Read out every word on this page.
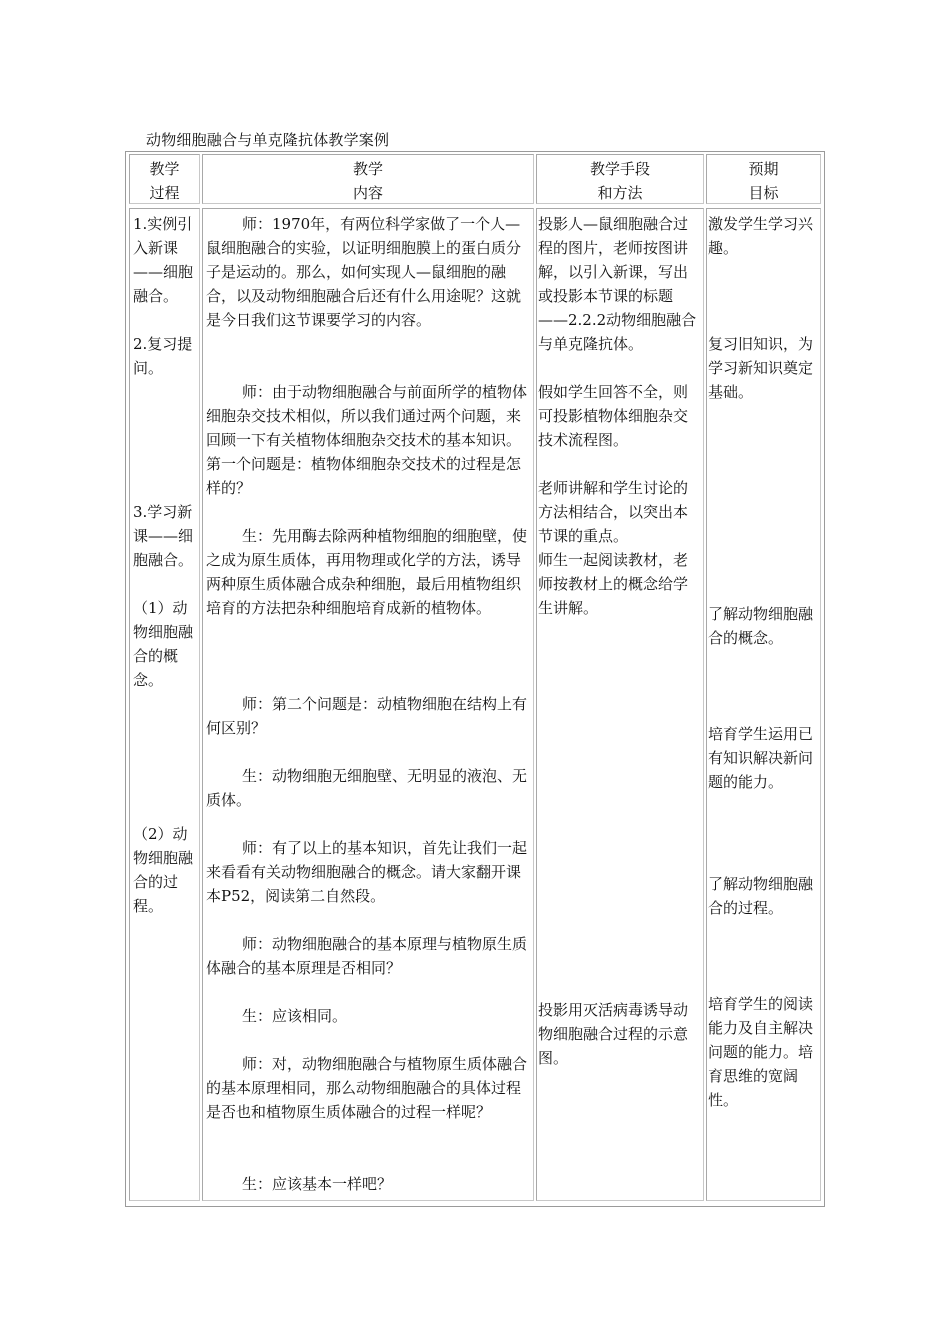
动物细胞融合与单克隆抗体教学案例
教学
过程
教学
内容
教学手段
和方法
预期
目标
1.实例引入新课——细胞融合。
2.复习提问。
3.学习新课——细胞融合。
（1）动物细胞融合的概念。
（2）动物细胞融合的过程。
师：1970年，有两位科学家做了一个人—鼠细胞融合的实验，以证明细胞膜上的蛋白质分子是运动的。那么，如何实现人—鼠细胞的融合，以及动物细胞融合后还有什么用途呢？这就是今日我们这节课要学习的内容。
师：由于动物细胞融合与前面所学的植物体细胞杂交技术相似，所以我们通过两个问题，来回顾一下有关植物体细胞杂交技术的基本知识。第一个问题是：植物体细胞杂交技术的过程是怎样的？
生：先用酶去除两种植物细胞的细胞壁，使之成为原生质体，再用物理或化学的方法，诱导两种原生质体融合成杂种细胞，最后用植物组织培育的方法把杂种细胞培育成新的植物体。
师：第二个问题是：动植物细胞在结构上有何区别？
生：动物细胞无细胞壁、无明显的液泡、无质体。
师：有了以上的基本知识，首先让我们一起来看看有关动物细胞融合的概念。请大家翻开课本P52，阅读第二自然段。
师：动物细胞融合的基本原理与植物原生质体融合的基本原理是否相同？
生：应该相同。
师：对，动物细胞融合与植物原生质体融合的基本原理相同，那么动物细胞融合的具体过程是否也和植物原生质体融合的过程一样呢？
生：应该基本一样吧？
投影人—鼠细胞融合过程的图片，老师按图讲解，以引入新课，写出或投影本节课的标题——2.2.2动物细胞融合与单克隆抗体。
假如学生回答不全，则可投影植物体细胞杂交技术流程图。
老师讲解和学生讨论的方法相结合，以突出本节课的重点。
师生一起阅读教材，老师按教材上的概念给学生讲解。
投影用灭活病毒诱导动物细胞融合过程的示意图。
激发学生学习兴趣。
复习旧知识，为学习新知识奠定基础。
了解动物细胞融合的概念。
培育学生运用已有知识解决新问题的能力。
了解动物细胞融合的过程。
培育学生的阅读能力及自主解决问题的能力。培育思维的宽阔性。
